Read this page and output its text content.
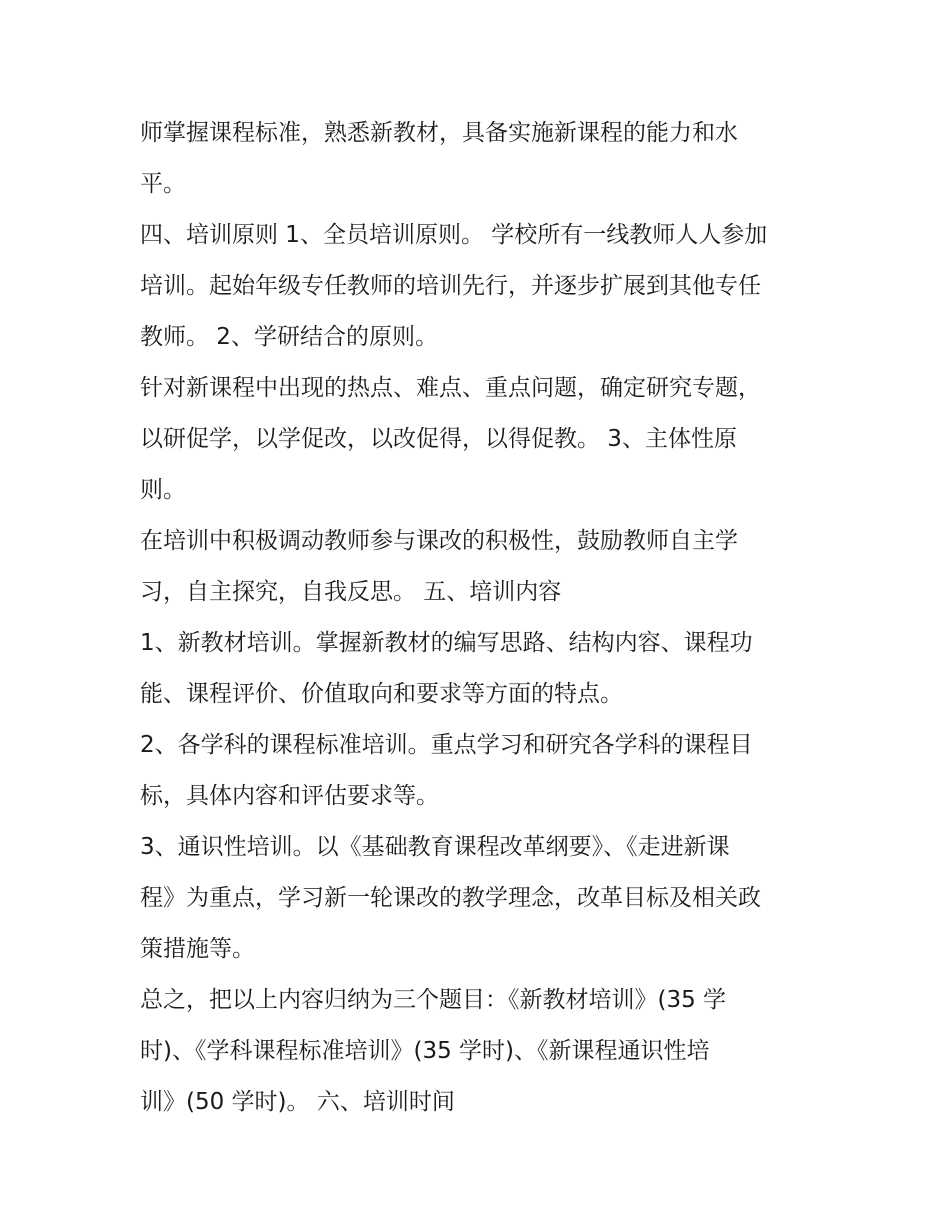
师掌握课程标准，熟悉新教材，具备实施新课程的能力和水
平。
四、培训原则 1、全员培训原则。 学校所有一线教师人人参加
培训。起始年级专任教师的培训先行，并逐步扩展到其他专任
教师。 2、学研结合的原则。
针对新课程中出现的热点、难点、重点问题，确定研究专题，
以研促学，以学促改，以改促得，以得促教。 3、主体性原
则。
在培训中积极调动教师参与课改的积极性，鼓励教师自主学
习，自主探究，自我反思。 五、培训内容
1、新教材培训。掌握新教材的编写思路、结构内容、课程功
能、课程评价、价值取向和要求等方面的特点。
2、各学科的课程标准培训。重点学习和研究各学科的课程目
标，具体内容和评估要求等。
3、通识性培训。以《基础教育课程改革纲要》、《走进新课
程》为重点，学习新一轮课改的教学理念，改革目标及相关政
策措施等。
总之，把以上内容归纳为三个题目：《新教材培训》(35 学
时)、《学科课程标准培训》(35 学时)、《新课程通识性培
训》(50 学时)。 六、培训时间
